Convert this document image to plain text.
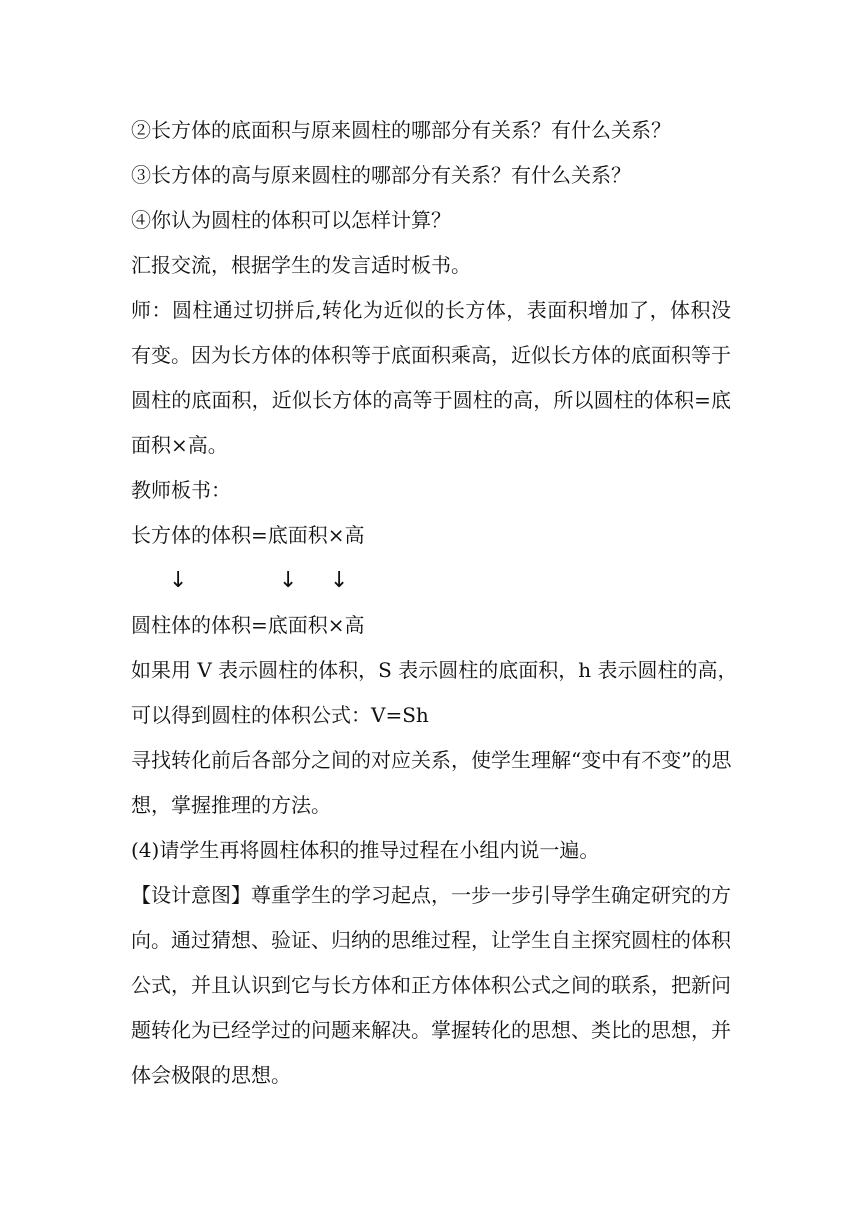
②长方体的底面积与原来圆柱的哪部分有关系？有什么关系？
③长方体的高与原来圆柱的哪部分有关系？有什么关系？
④你认为圆柱的体积可以怎样计算？
汇报交流，根据学生的发言适时板书。
师：圆柱通过切拼后,转化为近似的长方体，表面积增加了，体积没
有变。因为长方体的体积等于底面积乘高，近似长方体的底面积等于
圆柱的底面积，近似长方体的高等于圆柱的高，所以圆柱的体积=底
面积×高。
教师板书：
长方体的体积=底面积×高
↓	↓ ↓
圆柱体的体积=底面积×高
如果用 V 表示圆柱的体积，S 表示圆柱的底面积，h 表示圆柱的高，
可以得到圆柱的体积公式：V=Sh
寻找转化前后各部分之间的对应关系，使学生理解“变中有不变”的思
想，掌握推理的方法。
(4)请学生再将圆柱体积的推导过程在小组内说一遍。
【设计意图】尊重学生的学习起点，一步一步引导学生确定研究的方
向。通过猜想、验证、归纳的思维过程，让学生自主探究圆柱的体积
公式，并且认识到它与长方体和正方体体积公式之间的联系，把新问
题转化为已经学过的问题来解决。掌握转化的思想、类比的思想，并
体会极限的思想。
